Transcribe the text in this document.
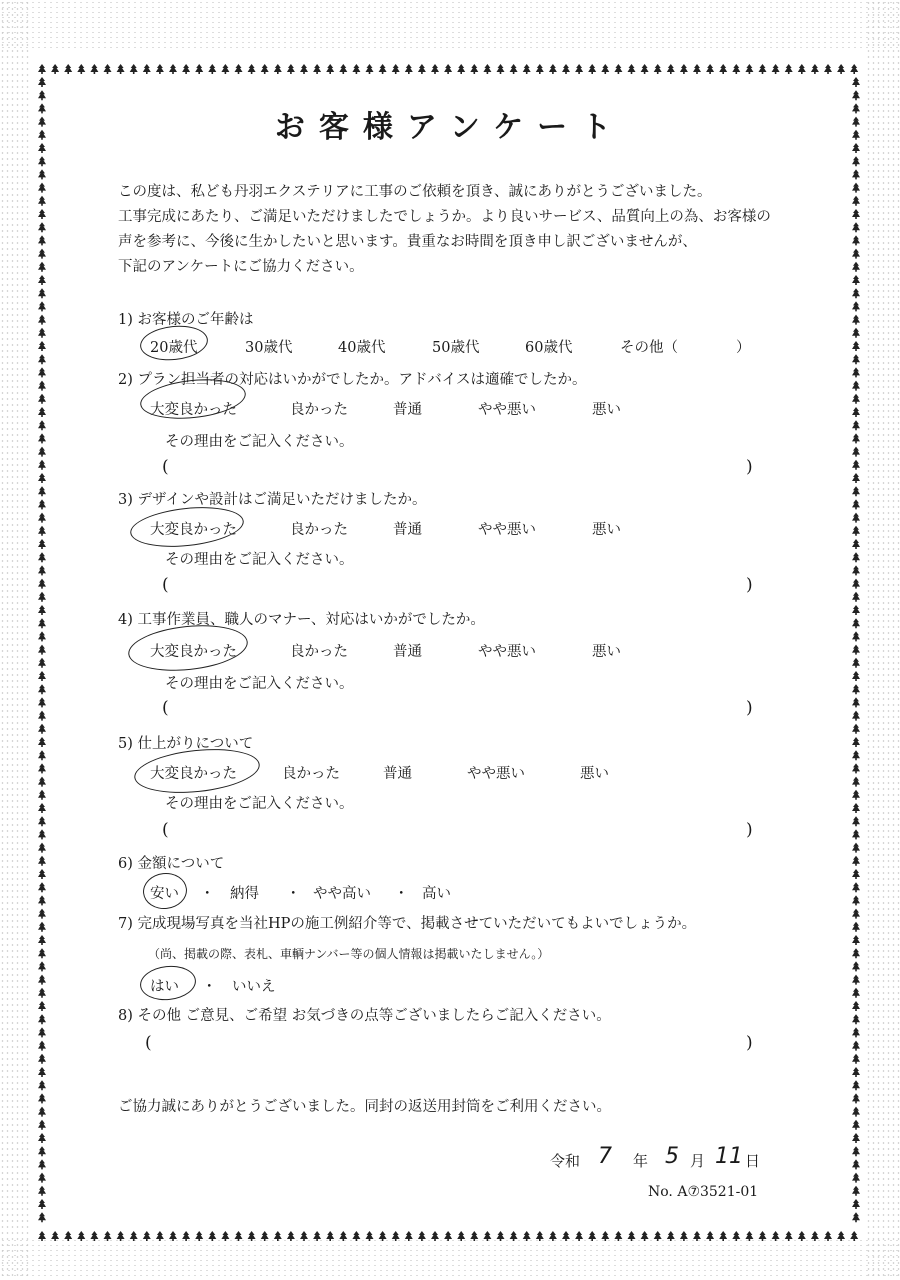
お客様アンケート
この度は、私ども丹羽エクステリアに工事のご依頼を頂き、誠にありがとうございました。
工事完成にあたり、ご満足いただけましたでしょうか。より良いサービス、品質向上の為、お客様の
声を参考に、今後に生かしたいと思います。貴重なお時間を頂き申し訳ございませんが、
下記のアンケートにご協力ください。
1) お客様のご年齢は
20歳代	30歳代	40歳代	50歳代	60歳代	その他（　　　　）
2) プラン担当者の対応はいかがでしたか。アドバイスは適確でしたか。
大変良かった	良かった	普通	やや悪い	悪い
その理由をご記入ください。
(	)
3) デザインや設計はご満足いただけましたか。
大変良かった	良かった	普通	やや悪い	悪い
その理由をご記入ください。
(	)
4) 工事作業員、職人のマナー、対応はいかがでしたか。
大変良かった	良かった	普通	やや悪い	悪い
その理由をご記入ください。
(	)
5) 仕上がりについて
大変良かった	良かった	普通	やや悪い	悪い
その理由をご記入ください。
(	)
6) 金額について
安い ・ 納得 ・ やや高い ・ 高い
7) 完成現場写真を当社HPの施工例紹介等で、掲載させていただいてもよいでしょうか。
（尚、掲載の際、表札、車輌ナンバー等の個人情報は掲載いたしません。）
はい ・ いいえ
8) その他 ご意見、ご希望 お気づきの点等ございましたらご記入ください。
(	)
ご協力誠にありがとうございました。同封の返送用封筒をご利用ください。
令和 7 年 5 月 11 日
No. A⑦3521-01
